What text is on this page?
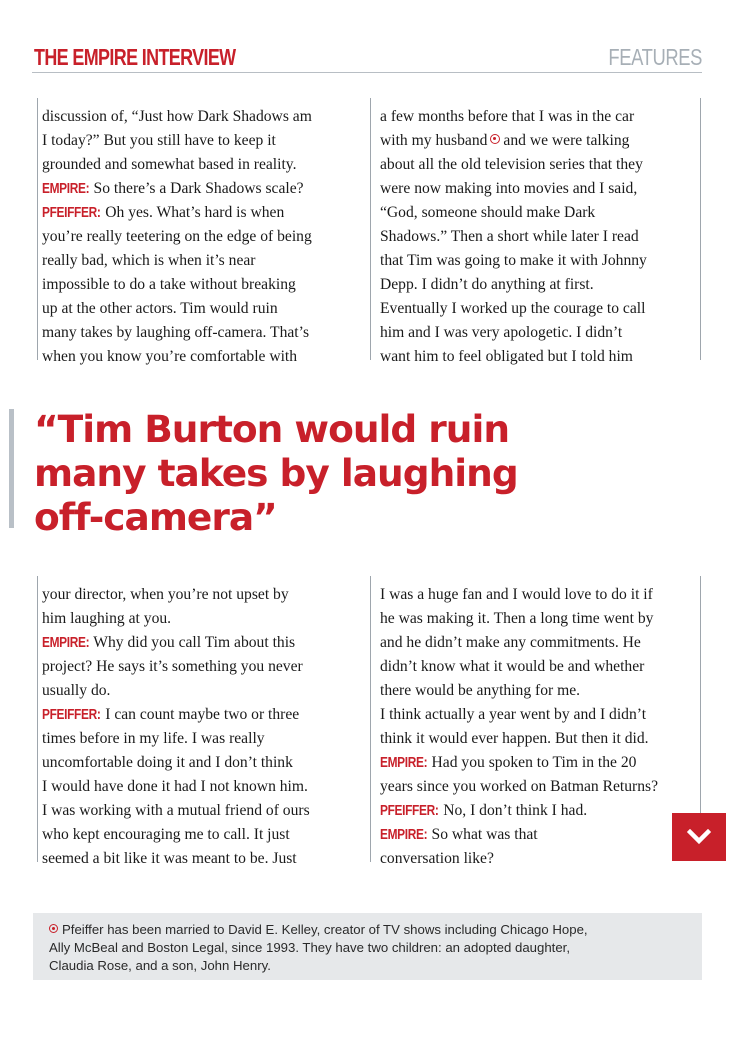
THE EMPIRE INTERVIEW	FEATURES

discussion of, “Just how Dark Shadows am

I today?” But you still have to keep it

grounded and somewhat based in reality.

EMPIRE: So there’s a Dark Shadows scale?

PFEIFFER: Oh yes. What’s hard is when

you’re really teetering on the edge of being

really bad, which is when it’s near

impossible to do a take without breaking

up at the other actors. Tim would ruin

many takes by laughing off-camera. That’s

when you know you’re comfortable with

a few months before that I was in the car

with my husband and we were talking

about all the old television series that they

were now making into movies and I said,

“God, someone should make Dark

Shadows.” Then a short while later I read

that Tim was going to make it with Johnny

Depp. I didn’t do anything at first.

Eventually I worked up the courage to call

him and I was very apologetic. I didn’t

want him to feel obligated but I told him

“Tim Burton would ruin

many takes by laughing

off-camera”

your director, when you’re not upset by

him laughing at you.

EMPIRE: Why did you call Tim about this

project? He says it’s something you never

usually do.

PFEIFFER: I can count maybe two or three

times before in my life. I was really

uncomfortable doing it and I don’t think

I would have done it had I not known him.

I was working with a mutual friend of ours

who kept encouraging me to call. It just

seemed a bit like it was meant to be. Just

I was a huge fan and I would love to do it if

he was making it. Then a long time went by

and he didn’t make any commitments. He

didn’t know what it would be and whether

there would be anything for me.

I think actually a year went by and I didn’t

think it would ever happen. But then it did.

EMPIRE: Had you spoken to Tim in the 20

years since you worked on Batman Returns?

PFEIFFER: No, I don’t think I had.

EMPIRE: So what was that

conversation like?

Pfeiffer has been married to David E. Kelley, creator of TV shows including Chicago Hope,

Ally McBeal and Boston Legal, since 1993. They have two children: an adopted daughter,

Claudia Rose, and a son, John Henry.
